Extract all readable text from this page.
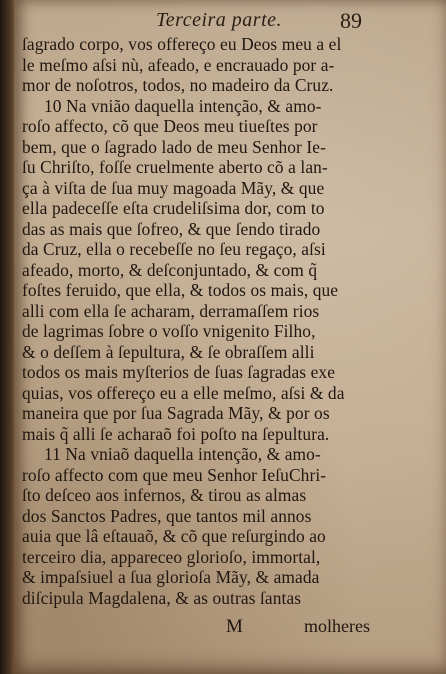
Terceira parte.	89
ſagrado corpo, vos offereço eu Deos meu a el
le meſmo aſsi nù, afeado, e encrauado por a-
mor de noſotros, todos, no madeiro da Cruz.
10 Na vnião daquella intenção, & amo-
roſo affecto, cõ que Deos meu tiueſtes por
bem, que o ſagrado lado de meu Senhor Ie-
ſu Chriſto, foſſe cruelmente aberto cõ a lan-
ça à viſta de ſua muy magoada Mãy, & que
ella padeceſſe eſta crudeliſsima dor, com to
das as mais que ſofreo, & que ſendo tirado
da Cruz, ella o recebeſſe no ſeu regaço, aſsi
afeado, morto, & deſconjuntado, & com q̃
foſtes feruido, que ella, & todos os mais, que
alli com ella ſe acharam, derramaſſem rios
de lagrimas ſobre o voſſo vnigenito Filho,
& o deſſem à ſepultura, & ſe obraſſem alli
todos os mais myſterios de ſuas ſagradas exe
quias, vos offereço eu a elle meſmo, aſsi & da
maneira que por ſua Sagrada Mãy, & por os
mais q̃ alli ſe acharaõ foi poſto na ſepultura.
11 Na vniaõ daquella intenção, & amo-
roſo affecto com que meu Senhor IeſuChri-
ſto deſceo aos infernos, & tirou as almas
dos Sanctos Padres, que tantos mil annos
auia que lâ eſtauaõ, & cõ que reſurgindo ao
terceiro dia, appareceo glorioſo, immortal,
& impaſsiuel a ſua glorioſa Mãy, & amada
diſcipula Magdalena, & as outras ſantas
M	molheres
